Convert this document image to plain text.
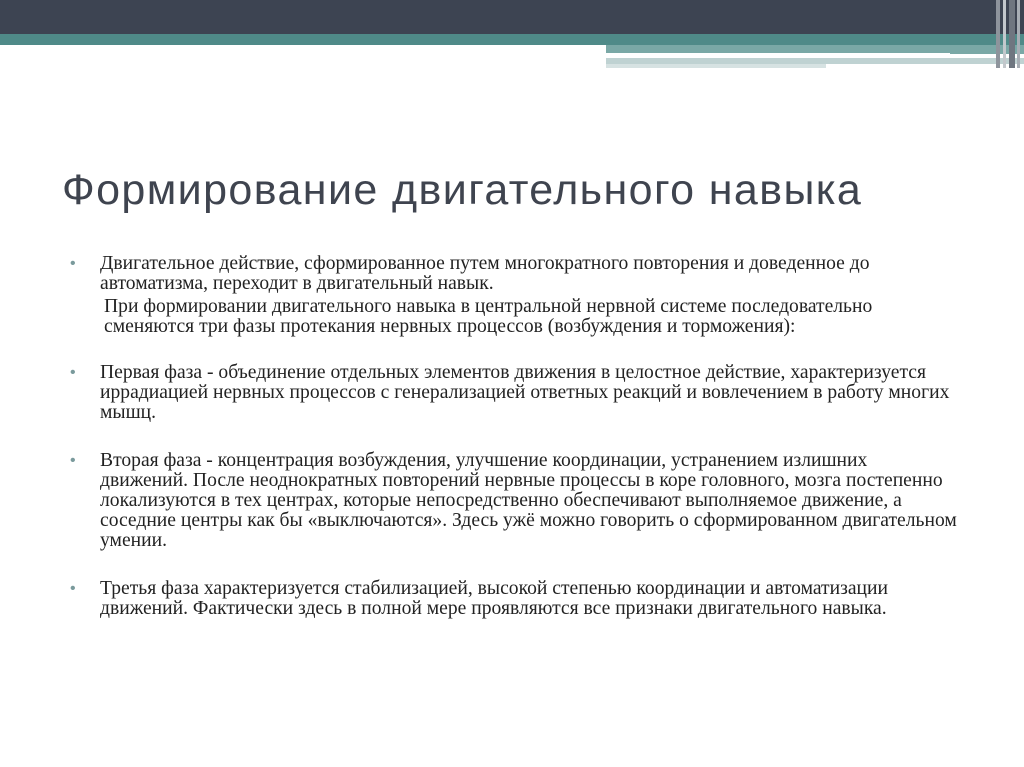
Формирование двигательного навыка
• Двигательное действие, сформированное путем многократного повторения и доведенное до автоматизма, переходит в двигательный навык.

При формировании двигательного навыка в центральной нервной системе последовательно сменяются три фазы протекания нервных процессов (возбуждения и торможения):

• Первая фаза - объединение отдельных элементов движения в целостное действие, характеризуется иррадиацией нервных процессов с генерализацией ответных реакций и вовлечением в работу многих мышц.

• Вторая фаза - концентрация возбуждения, улучшение координации, устранением излишних движений. После неоднократных повторений нервные процессы в коре головного, мозга постепенно локализуются в тех центрах, которые непосредственно обеспечивают выполняемое движение, а соседние центры как бы «выключаются». Здесь ужё можно говорить о сформированном двигательном умении.

• Третья фаза характеризуется стабилизацией, высокой степенью координации и автоматизации движений. Фактически здесь в полной мере проявляются все признаки двигательного навыка.
